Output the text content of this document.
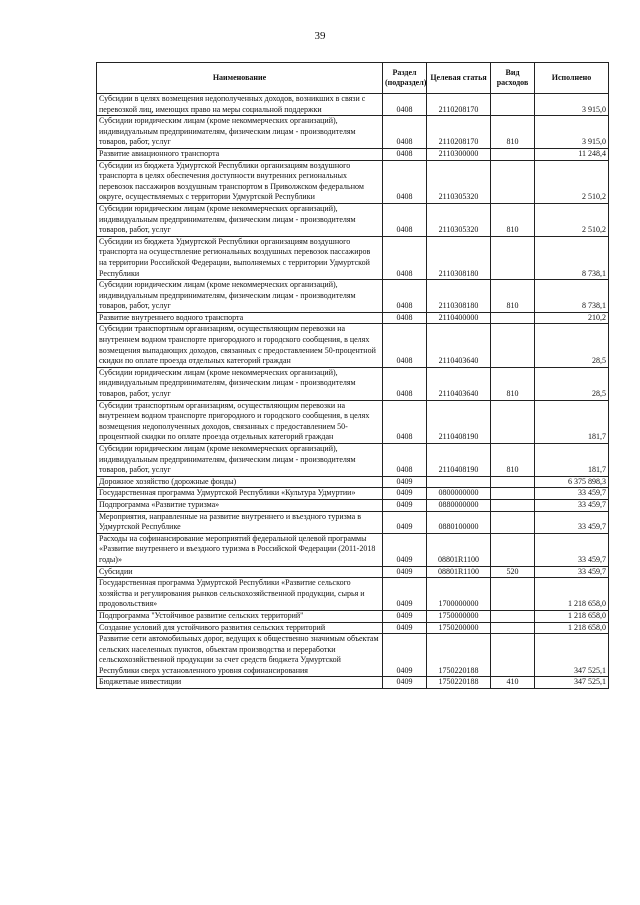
39
Наименование	Раздел (подраздел)	Целевая статья	Вид расходов	Исполнено
Субсидии в целях возмещения недополученных доходов, возникших в связи с перевозкой лиц, имеющих право на меры социальной поддержки	0408	2110208170		3 915,0
Субсидии юридическим лицам (кроме некоммерческих организаций), индивидуальным предпринимателям, физическим лицам - производителям товаров, работ, услуг	0408	2110208170	810	3 915,0
Развитие авиационного транспорта	0408	2110300000		11 248,4
Субсидии из бюджета Удмуртской Республики организациям воздушного транспорта в целях обеспечения доступности внутренних региональных перевозок пассажиров воздушным транспортом в Приволжском федеральном округе, осуществляемых с территории Удмуртской Республики	0408	2110305320		2 510,2
Субсидии юридическим лицам (кроме некоммерческих организаций), индивидуальным предпринимателям, физическим лицам - производителям товаров, работ, услуг	0408	2110305320	810	2 510,2
Субсидии из бюджета Удмуртской Республики организациям воздушного транспорта на осуществление региональных воздушных перевозок пассажиров на территории Российской Федерации, выполняемых с территории Удмуртской Республики	0408	2110308180		8 738,1
Субсидии юридическим лицам (кроме некоммерческих организаций), индивидуальным предпринимателям, физическим лицам - производителям товаров, работ, услуг	0408	2110308180	810	8 738,1
Развитие внутреннего водного транспорта	0408	2110400000		210,2
Субсидии транспортным организациям, осуществляющим перевозки на внутреннем водном транспорте пригородного и городского сообщения, в целях возмещения выпадающих доходов, связанных с предоставлением 50-процентной скидки по оплате проезда отдельных категорий граждан	0408	2110403640		28,5
Субсидии юридическим лицам (кроме некоммерческих организаций), индивидуальным предпринимателям, физическим лицам - производителям товаров, работ, услуг	0408	2110403640	810	28,5
Субсидии транспортным организациям, осуществляющим перевозки на внутреннем водном транспорте пригородного и городского сообщения, в целях возмещения недополученных доходов, связанных с предоставлением 50-процентной скидки по оплате проезда отдельных категорий граждан	0408	2110408190		181,7
Субсидии юридическим лицам (кроме некоммерческих организаций), индивидуальным предпринимателям, физическим лицам - производителям товаров, работ, услуг	0408	2110408190	810	181,7
Дорожное хозяйство (дорожные фонды)	0409			6 375 898,3
Государственная программа Удмуртской Республики «Культура Удмуртии»	0409	0800000000		33 459,7
Подпрограмма «Развитие туризма»	0409	0880000000		33 459,7
Мероприятия, направленные на развитие внутреннего и въездного туризма в Удмуртской Республике	0409	0880100000		33 459,7
Расходы на софинансирование мероприятий федеральной целевой программы «Развитие внутреннего и въездного туризма в Российской Федерации (2011-2018 годы)»	0409	08801R1100		33 459,7
Субсидии	0409	08801R1100	520	33 459,7
Государственная программа Удмуртской Республики «Развитие сельского хозяйства и регулирования рынков сельскохозяйственной продукции, сырья и продовольствия»	0409	1700000000		1 218 658,0
Подпрограмма "Устойчивое развитие сельских территорий"	0409	1750000000		1 218 658,0
Создание условий для устойчивого развития сельских территорий	0409	1750200000		1 218 658,0
Развитие сети автомобильных дорог, ведущих к общественно значимым объектам сельских населенных пунктов, объектам производства и переработки сельскохозяйственной продукции за счет средств бюджета Удмуртской Республики сверх установленного уровня софинансирования	0409	1750220188		347 525,1
Бюджетные инвестиции	0409	1750220188	410	347 525,1
